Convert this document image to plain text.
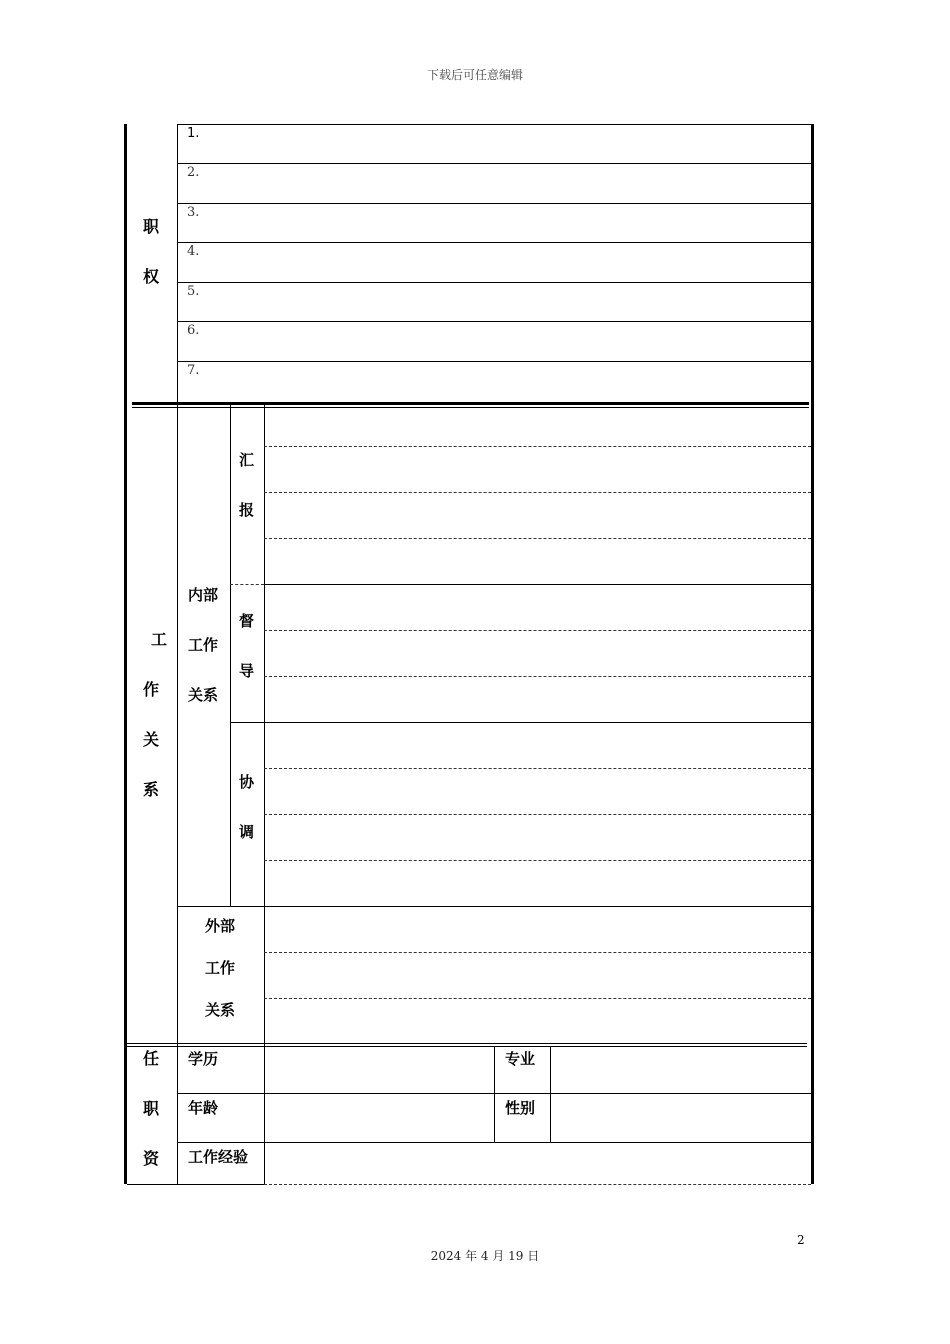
下载后可任意编辑
职
权
1.
2.
3.
4.
5.
6.
7.
工
作
关
系
内部
工作
关系
汇
报
督
导
协
调
外部
工作
关系
任
职
资
学历	专业
年龄	性别
工作经验
2
2024 年 4 月 19 日
